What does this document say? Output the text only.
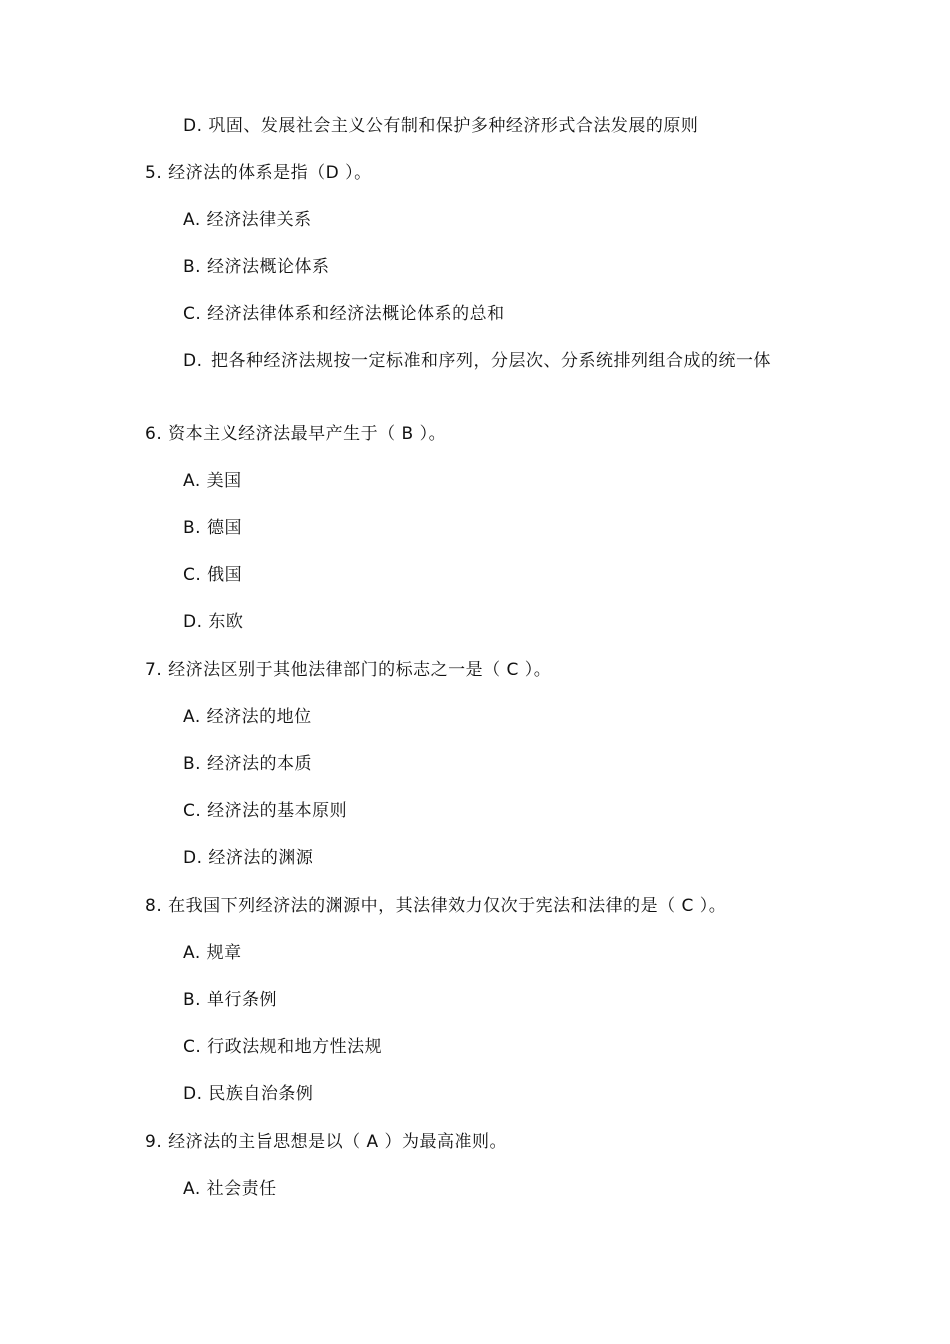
D. 巩固、发展社会主义公有制和保护多种经济形式合法发展的原则
5. 经济法的体系是指（D ）。
A. 经济法律关系
B. 经济法概论体系
C. 经济法律体系和经济法概论体系的总和
D. 把各种经济法规按一定标准和序列，分层次、分系统排列组合成的统一体
6. 资本主义经济法最早产生于（ B ）。
A. 美国
B. 德国
C. 俄国
D. 东欧
7. 经济法区别于其他法律部门的标志之一是（ C ）。
A. 经济法的地位
B. 经济法的本质
C. 经济法的基本原则
D. 经济法的渊源
8. 在我国下列经济法的渊源中，其法律效力仅次于宪法和法律的是（ C ）。
A. 规章
B. 单行条例
C. 行政法规和地方性法规
D. 民族自治条例
9. 经济法的主旨思想是以（ A ）为最高准则。
A. 社会责任
